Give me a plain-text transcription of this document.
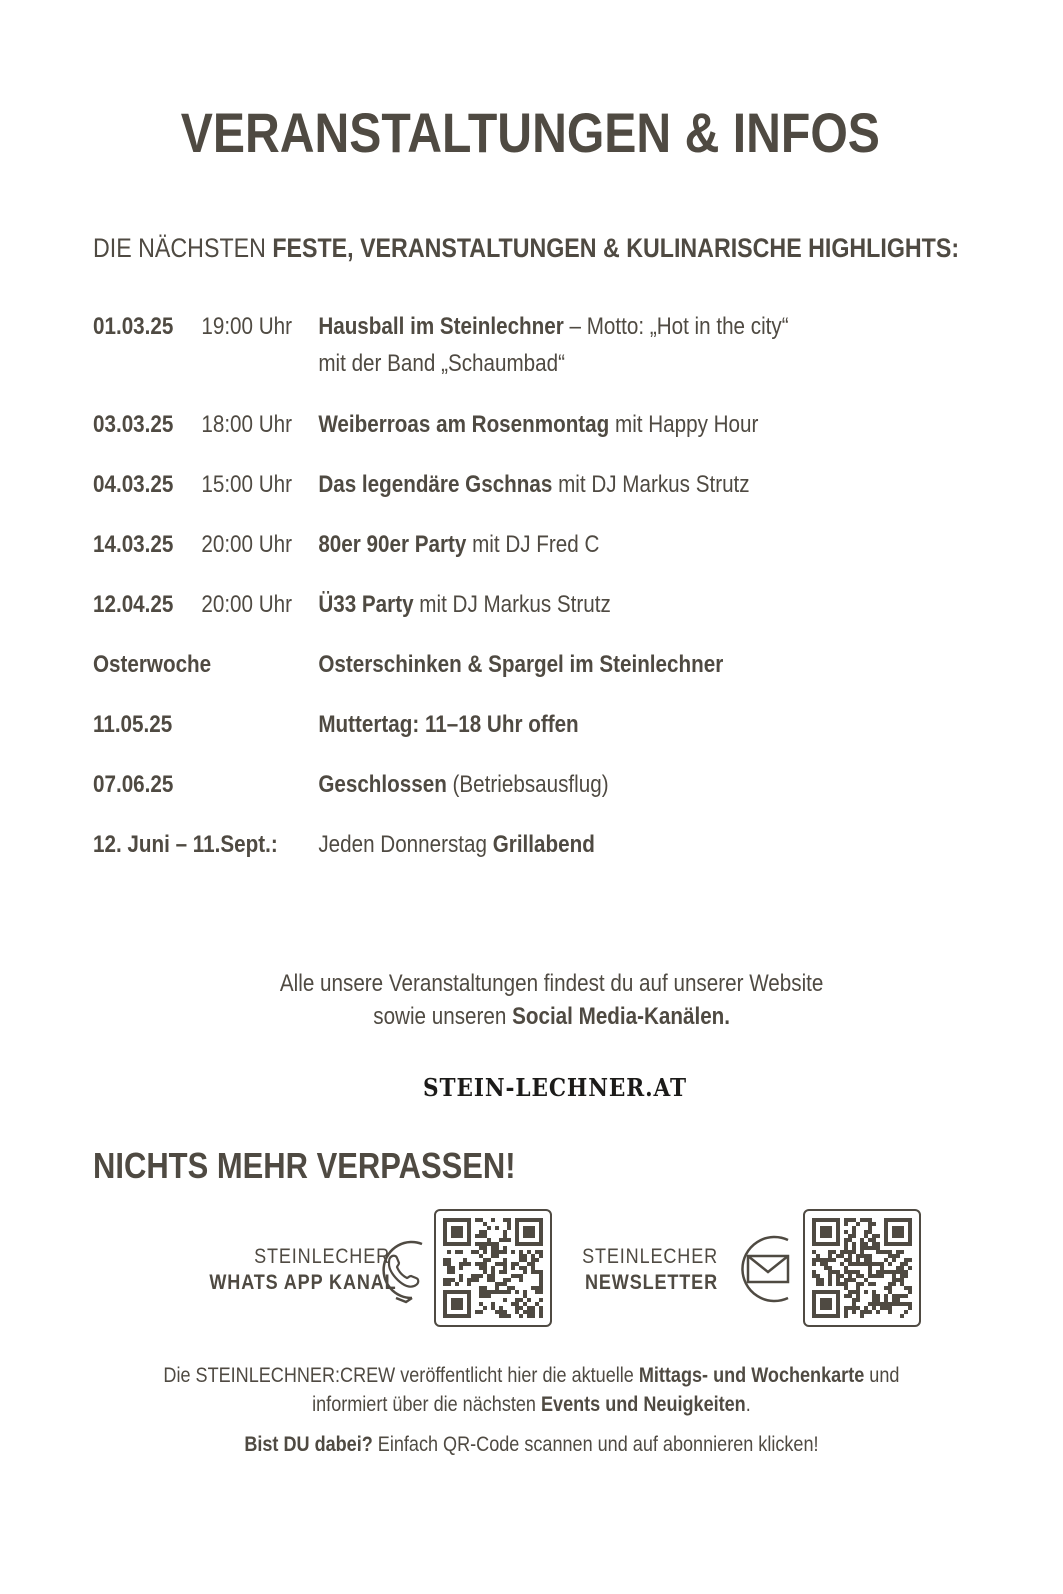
VERANSTALTUNGEN & INFOS
DIE NÄCHSTEN FESTE, VERANSTALTUNGEN & KULINARISCHE HIGHLIGHTS:
01.03.25 19:00 Uhr Hausball im Steinlechner – Motto: „Hot in the city“
mit der Band „Schaumbad“
03.03.25 18:00 Uhr Weiberroas am Rosenmontag mit Happy Hour
04.03.25 15:00 Uhr Das legendäre Gschnas mit DJ Markus Strutz
14.03.25 20:00 Uhr 80er 90er Party mit DJ Fred C
12.04.25 20:00 Uhr Ü33 Party mit DJ Markus Strutz
Osterwoche	Osterschinken & Spargel im Steinlechner
11.05.25	Muttertag: 11–18 Uhr offen
07.06.25	Geschlossen (Betriebsausflug)
12. Juni – 11.Sept.: Jeden Donnerstag Grillabend
Alle unsere Veranstaltungen findest du auf unserer Website
sowie unseren Social Media-Kanälen.
STEIN-LECHNER.AT
NICHTS MEHR VERPASSEN!
STEINLECHER
WHATS APP KANAL
STEINLECHER
NEWSLETTER
Die STEINLECHNER:CREW veröffentlicht hier die aktuelle Mittags- und Wochenkarte und
informiert über die nächsten Events und Neuigkeiten.
Bist DU dabei? Einfach QR-Code scannen und auf abonnieren klicken!
